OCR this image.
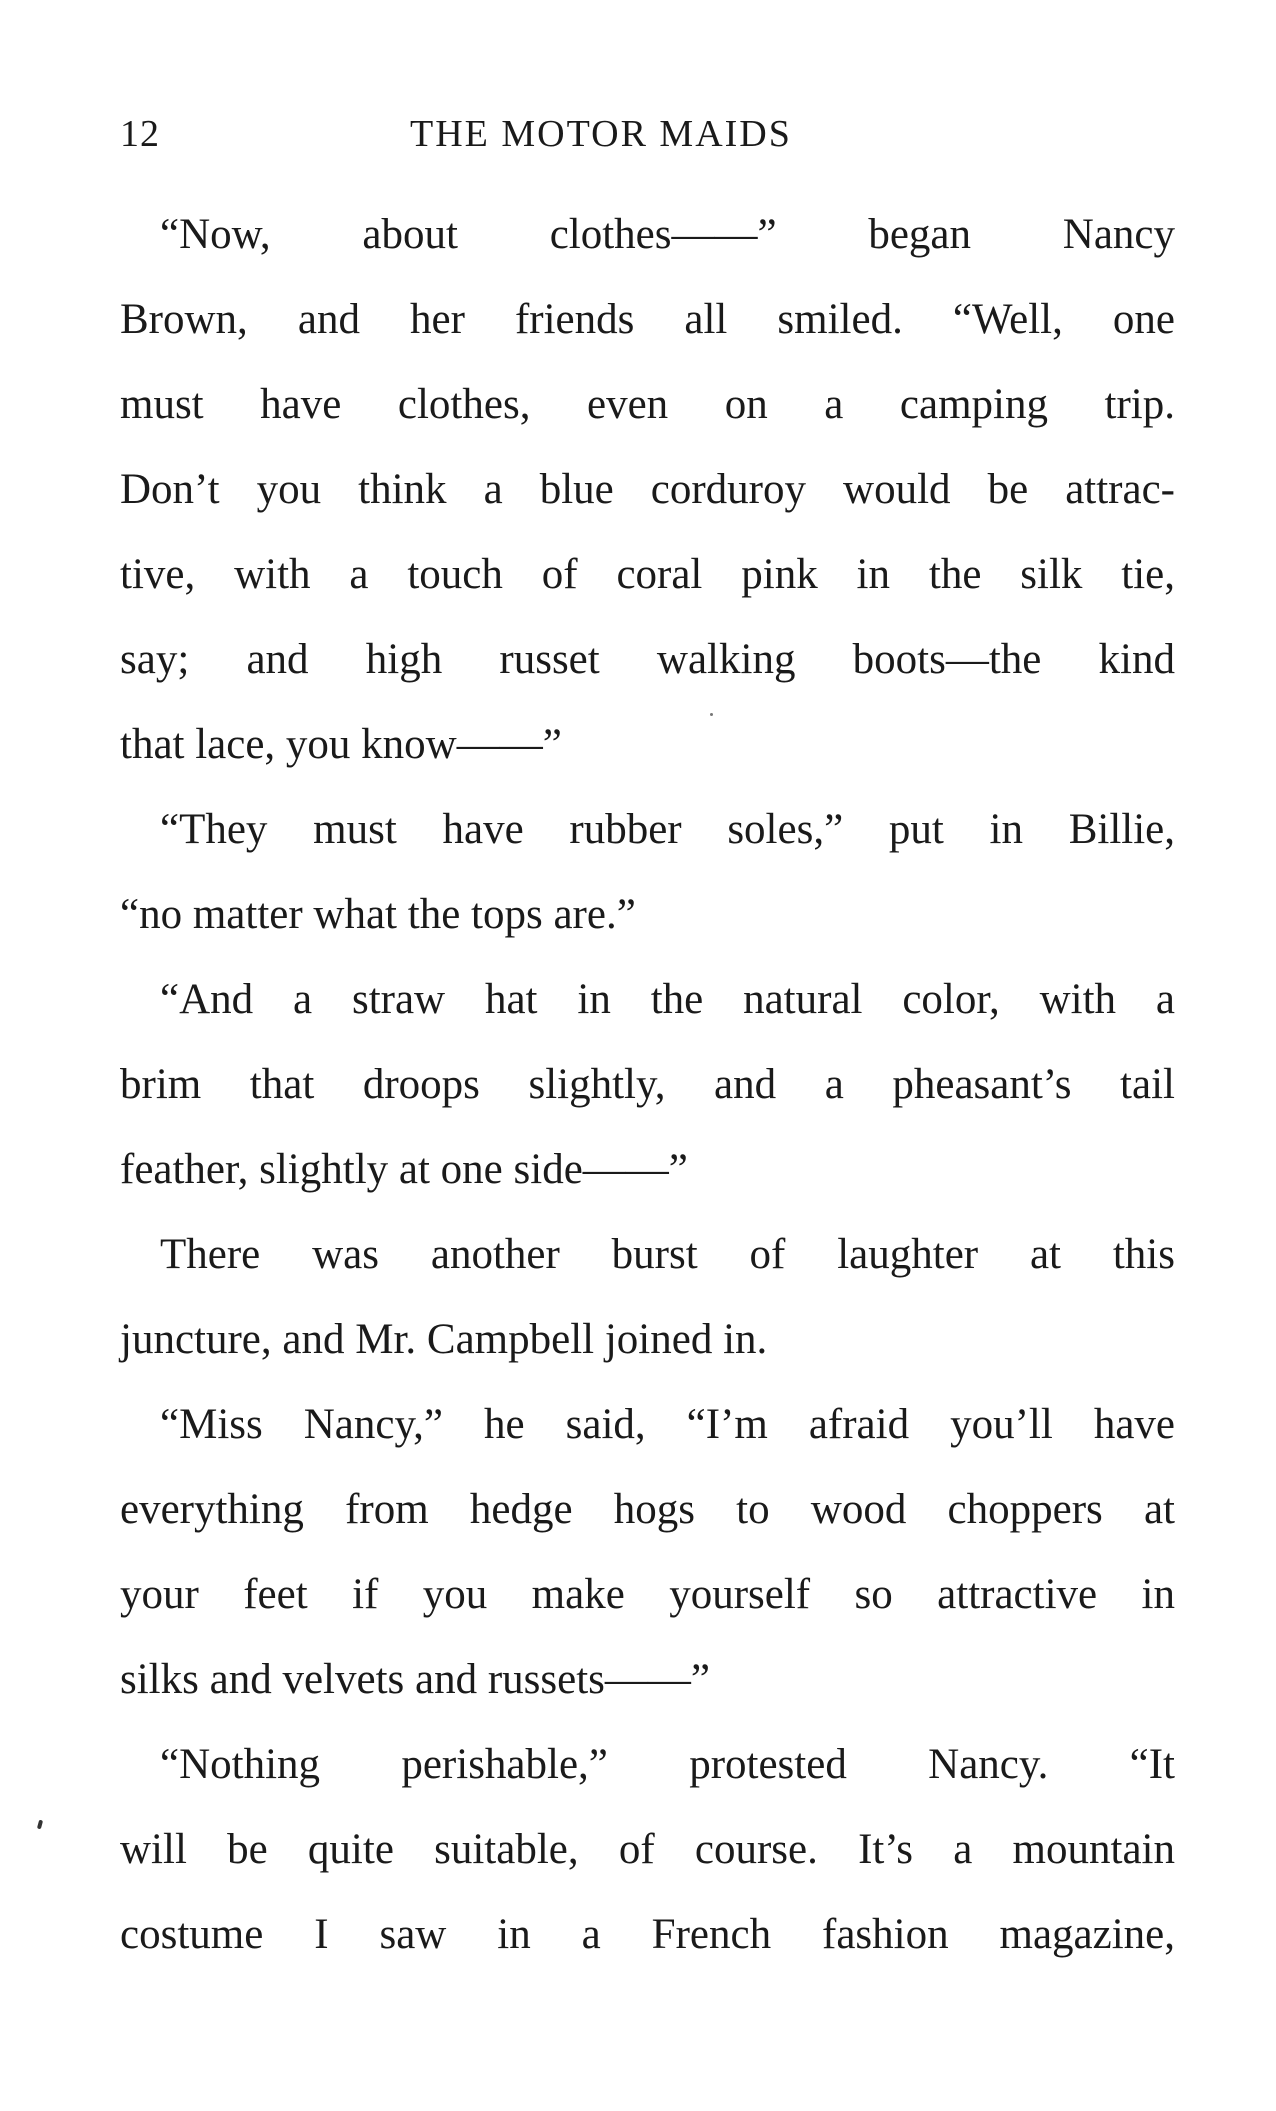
12	THE MOTOR MAIDS
“Now, about clothes——” began Nancy
Brown, and her friends all smiled. “Well, one
must have clothes, even on a camping trip.
Don’t you think a blue corduroy would be attrac-
tive, with a touch of coral pink in the silk tie,
say; and high russet walking boots—the kind
that lace, you know——”
“They must have rubber soles,” put in Billie,
“no matter what the tops are.”
“And a straw hat in the natural color, with a
brim that droops slightly, and a pheasant’s tail
feather, slightly at one side——”
There was another burst of laughter at this
juncture, and Mr. Campbell joined in.
“Miss Nancy,” he said, “I’m afraid you’ll have
everything from hedge hogs to wood choppers at
your feet if you make yourself so attractive in
silks and velvets and russets——”
“Nothing perishable,” protested Nancy. “It
will be quite suitable, of course. It’s a mountain
costume I saw in a French fashion magazine,
